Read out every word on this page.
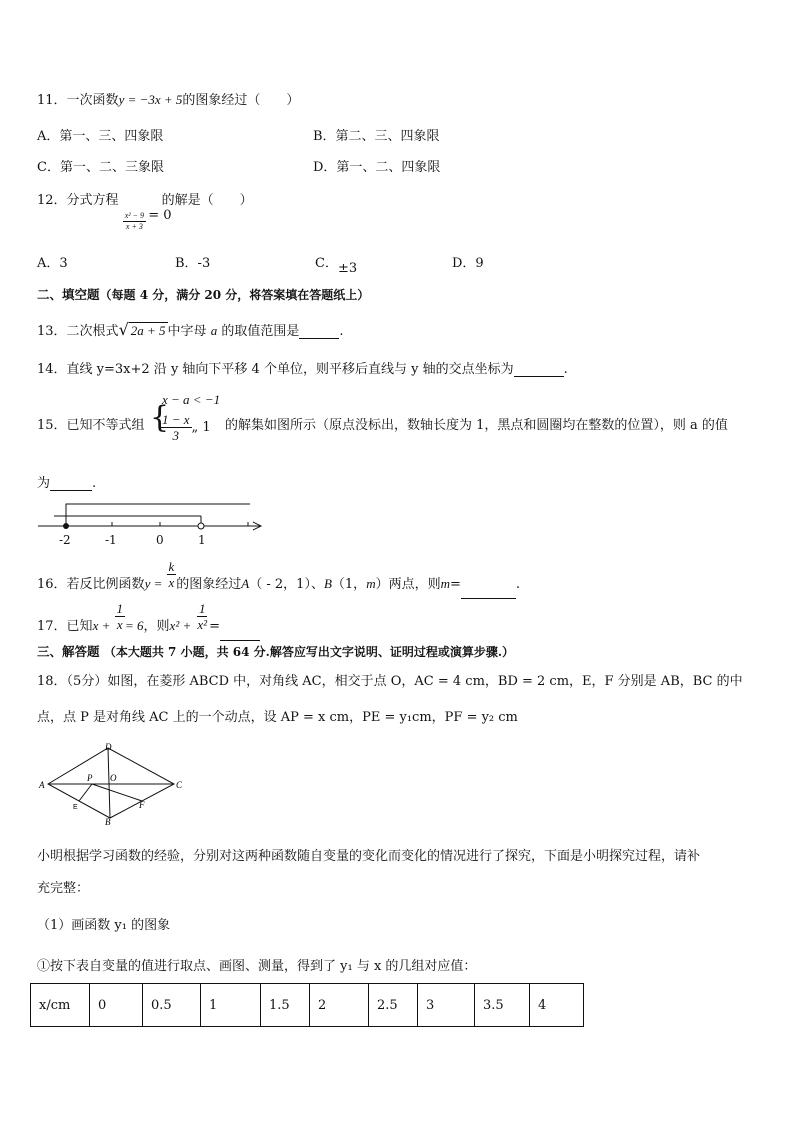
11．一次函数y = −3x + 5的图象经过（　　）
A．第一、三、四象限	B．第二、三、四象限
C．第一、二、三象限	D．第一、二、四象限
12．分式方程
$\frac{\text{x² − 9}}{x + 3} = 0$ 的解是（　　）
A．3	B．-3	C．±3	D．9
二、填空题（每题 4 分，满分 20 分，将答案填在答题纸上）
13．二次根式√ 2a + 5 中字母 a 的取值范围是	.
14．直线 y=3x+2 沿 y 轴向下平移 4 个单位，则平移后直线与 y 轴的交点坐标为	.
15．已知不等式组 {
x − a < −1
$\frac{1 - x}{3}$ „ 1 的解集如图所示（原点没标出，数轴长度为 1，黑点和圆圈均在整数的位置），则 a 的值
为	.
-2	-1	0	1
16．若反比例函数$y = \frac{k}{x}$ 的图象经过A（ - 2，1）、B（1，m）两点，则m=	.
17．已知$x + \frac{1}{x} = 6$，则$x^2 + \frac{1}{\text{x²}}$ =
三、解答题 （本大题共 7 小题，共 64 分.解答应写出文字说明、证明过程或演算步骤.）
18．（5分）如图，在菱形 ABCD 中，对角线 AC，相交于点 O，AC = 4 cm，BD = 2 cm，E，F 分别是 AB，BC 的中
点，点 P 是对角线 AC 上的一个动点，设 AP = x cm，PE = y₁cm，PF = y₂ cm
D
A
P O
C
E	F
B
小明根据学习函数的经验，分别对这两种函数随自变量的变化而变化的情况进行了探究，下面是小明探究过程，请补
充完整：
（1）画函数 y₁ 的图象
①按下表自变量的值进行取点、画图、测量，得到了 y₁ 与 x 的几组对应值：
x/cm	0	0.5	1	1.5	2	2.5	3	3.5	4
